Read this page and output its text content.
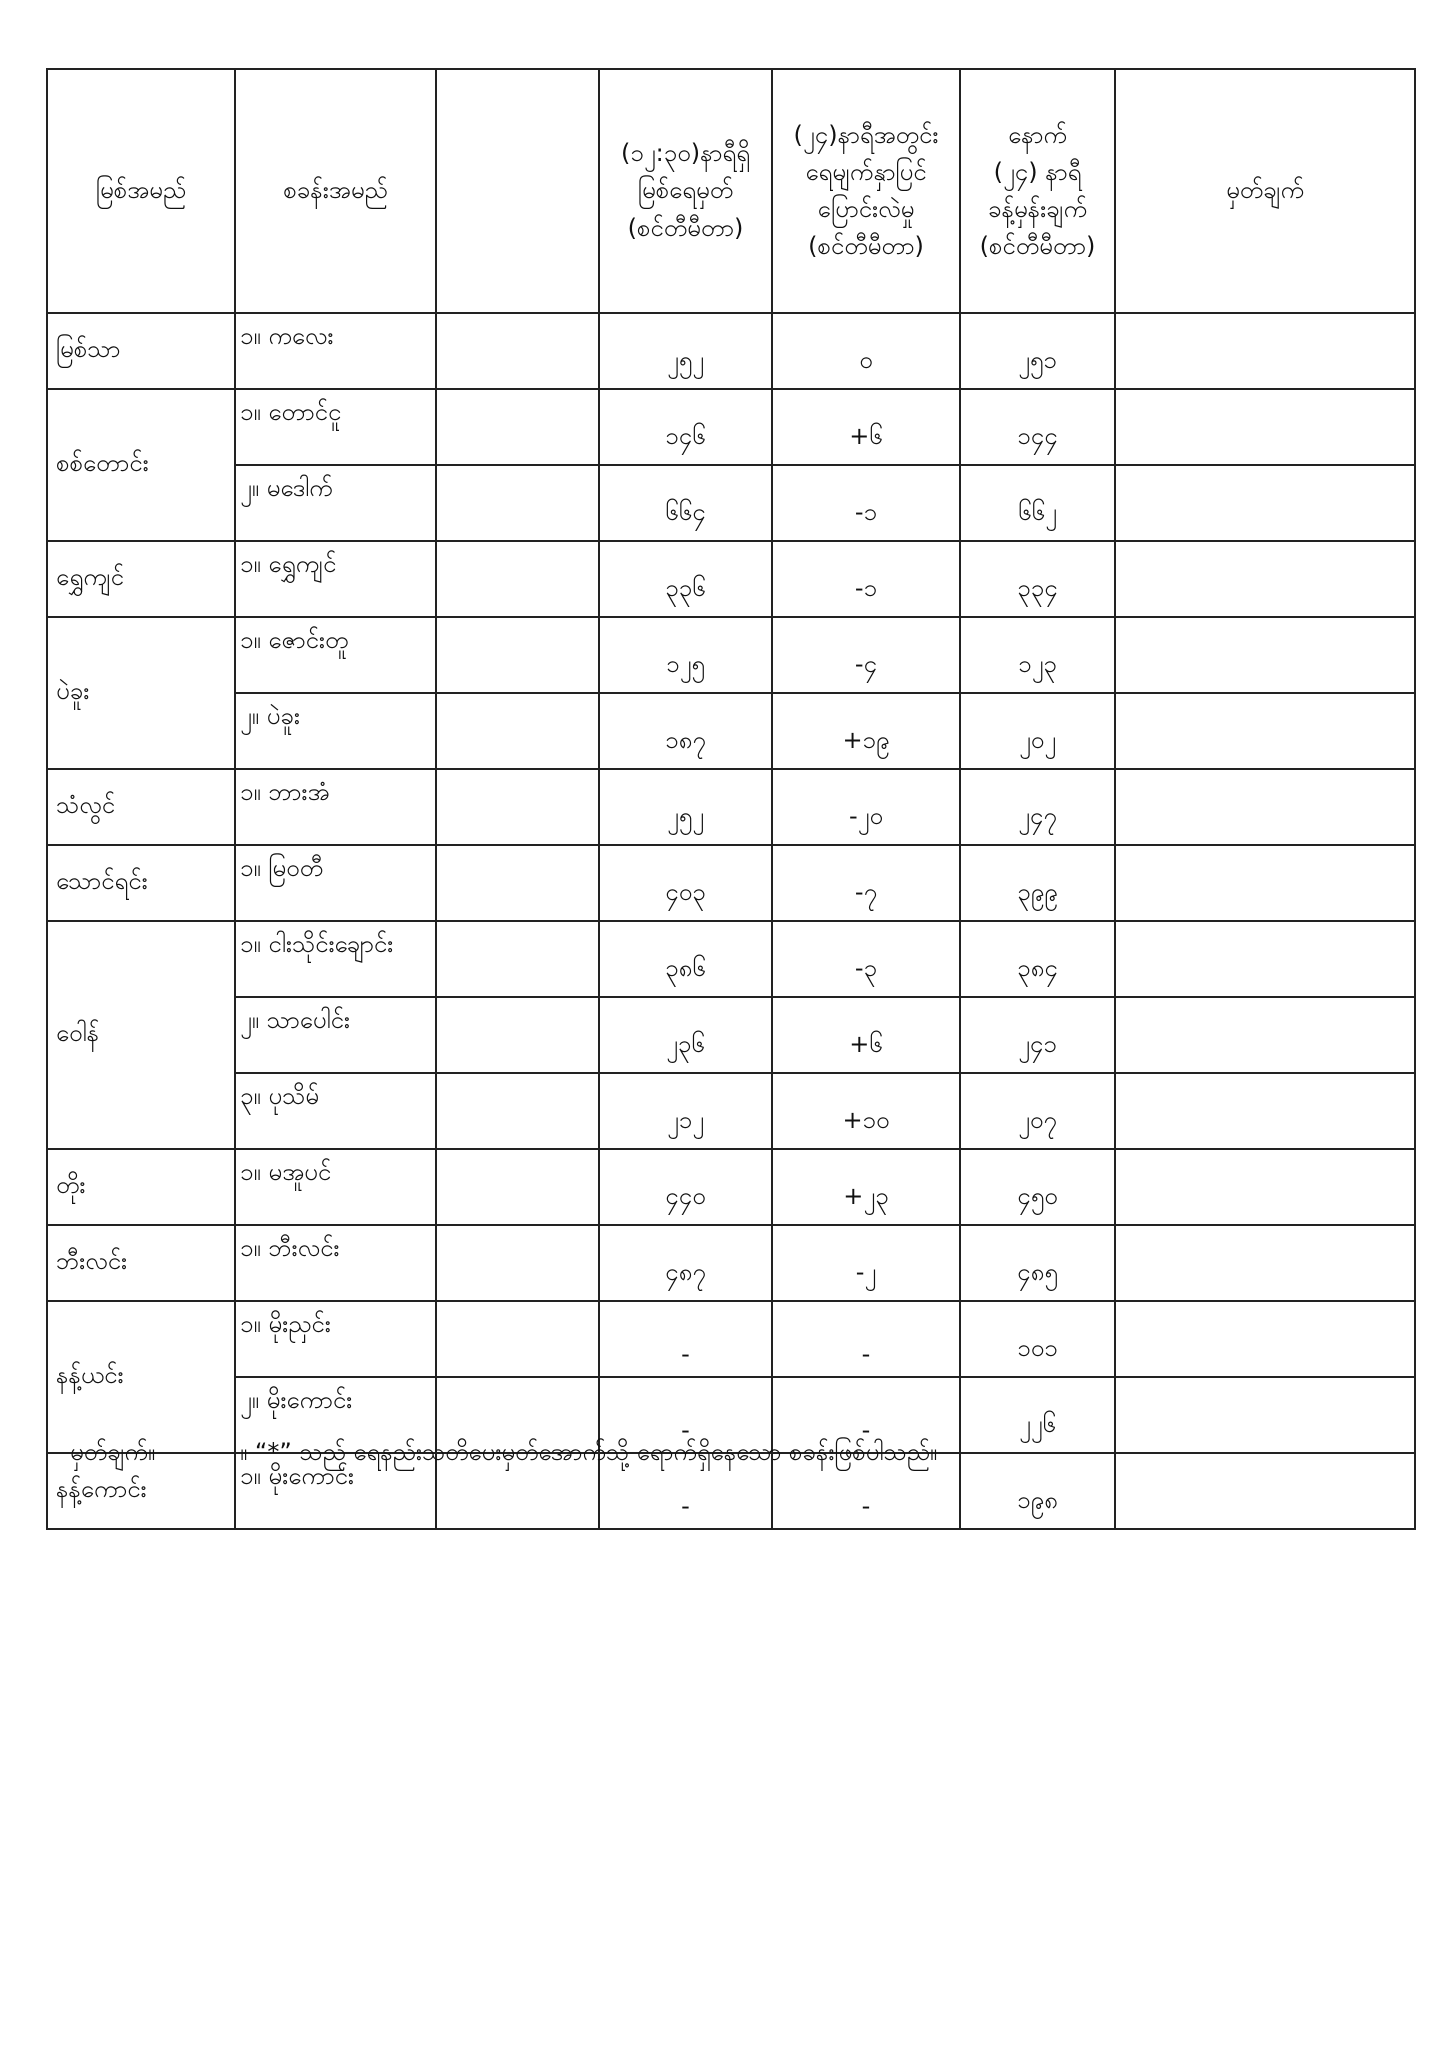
မြစ်အမည်	စခန်းအမည်		(၁၂:၃၀)နာရီရှိ
မြစ်ရေမှတ်
(စင်တီမီတာ)	(၂၄)နာရီအတွင်း
ရေမျက်နှာပြင်
ပြောင်းလဲမှု
(စင်တီမီတာ)	နောက်
(၂၄) နာရီ
ခန့်မှန်းချက်
(စင်တီမီတာ)	မှတ်ချက်
မြစ်သာ	၁။ ကလေး		၂၅၂	၀	၂၅၁	
စစ်တောင်း	၁။ တောင်ငူ		၁၄၆	+၆	၁၄၄	
	၂။ မဒေါက်		၆၆၄	-၁	၆၆၂	
ရွှေကျင်	၁။ ရွှေကျင်		၃၃၆	-၁	၃၃၄	
ပဲခူး	၁။ ဇောင်းတူ		၁၂၅	-၄	၁၂၃	
	၂။ ပဲခူး		၁၈၇	+၁၉	၂၀၂	
သံလွင်	၁။ ဘားအံ		၂၅၂	-၂၀	၂၄၇	
သောင်ရင်း	၁။ မြဝတီ		၄၀၃	-၇	၃၉၉	
ဝေါန်	၁။ ငါးသိုင်းချောင်း		၃၈၆	-၃	၃၈၄	
	၂။ သာပေါင်း		၂၃၆	+၆	၂၄၁	
	၃။ ပုသိမ်		၂၁၂	+၁၀	၂၀၇	
တိုး	၁။ မအူပင်		၄၄၀	+၂၃	၄၅၀	
ဘီးလင်း	၁။ ဘီးလင်း		၄၈၇	-၂	၄၈၅	
နန့်ယင်း	၁။ မိုးညှင်း		-	-	၁၀၁	
	၂။ မိုးကောင်း		-	-	၂၂၆	
နန့်ကောင်း	၁။ မိုးကောင်း		-	-	၁၉၈	
မှတ်ချက်။	။ “*” သည် ရေနည်းသတိပေးမှတ်အောက်သို့ ရောက်ရှိနေသော စခန်းဖြစ်ပါသည်။
